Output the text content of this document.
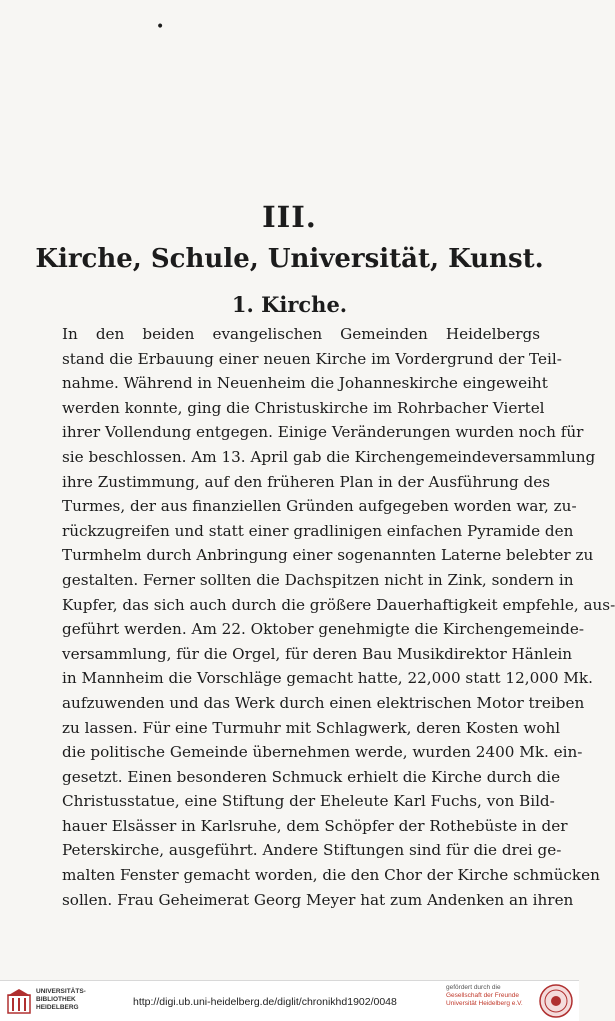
•
III.
Kirche, Schule, Universität, Kunst.
1. Kirche.
In den beiden evangelischen Gemeinden Heidelbergs
stand die Erbauung einer neuen Kirche im Vordergrund der Teil-
nahme. Während in Neuenheim die Johanneskirche eingeweiht
werden konnte, ging die Christuskirche im Rohrbacher Viertel
ihrer Vollendung entgegen. Einige Veränderungen wurden noch für
sie beschlossen. Am 13. April gab die Kirchengemeindeversammlung
ihre Zustimmung, auf den früheren Plan in der Ausführung des
Turmes, der aus finanziellen Gründen aufgegeben worden war, zu-
rückzugreifen und statt einer gradlinigen einfachen Pyramide den
Turmhelm durch Anbringung einer sogenannten Laterne belebter zu
gestalten. Ferner sollten die Dachspitzen nicht in Zink, sondern in
Kupfer, das sich auch durch die größere Dauerhaftigkeit empfehle, aus-
geführt werden. Am 22. Oktober genehmigte die Kirchengemeinde-
versammlung, für die Orgel, für deren Bau Musikdirektor Hänlein
in Mannheim die Vorschläge gemacht hatte, 22,000 statt 12,000 Mk.
aufzuwenden und das Werk durch einen elektrischen Motor treiben
zu lassen. Für eine Turmuhr mit Schlagwerk, deren Kosten wohl
die politische Gemeinde übernehmen werde, wurden 2400 Mk. ein-
gesetzt. Einen besonderen Schmuck erhielt die Kirche durch die
Christusstatue, eine Stiftung der Eheleute Karl Fuchs, von Bild-
hauer Elsässer in Karlsruhe, dem Schöpfer der Rothebüste in der
Peterskirche, ausgeführt. Andere Stiftungen sind für die drei ge-
malten Fenster gemacht worden, die den Chor der Kirche schmücken
sollen. Frau Geheimerat Georg Meyer hat zum Andenken an ihren
UNIVERSITÄTS-
BIBLIOTHEK
HEIDELBERG	http://digi.ub.uni-heidelberg.de/diglit/chronikhd1902/0048
gefördert durch die
Gesellschaft der Freunde
Universität Heidelberg e.V.
